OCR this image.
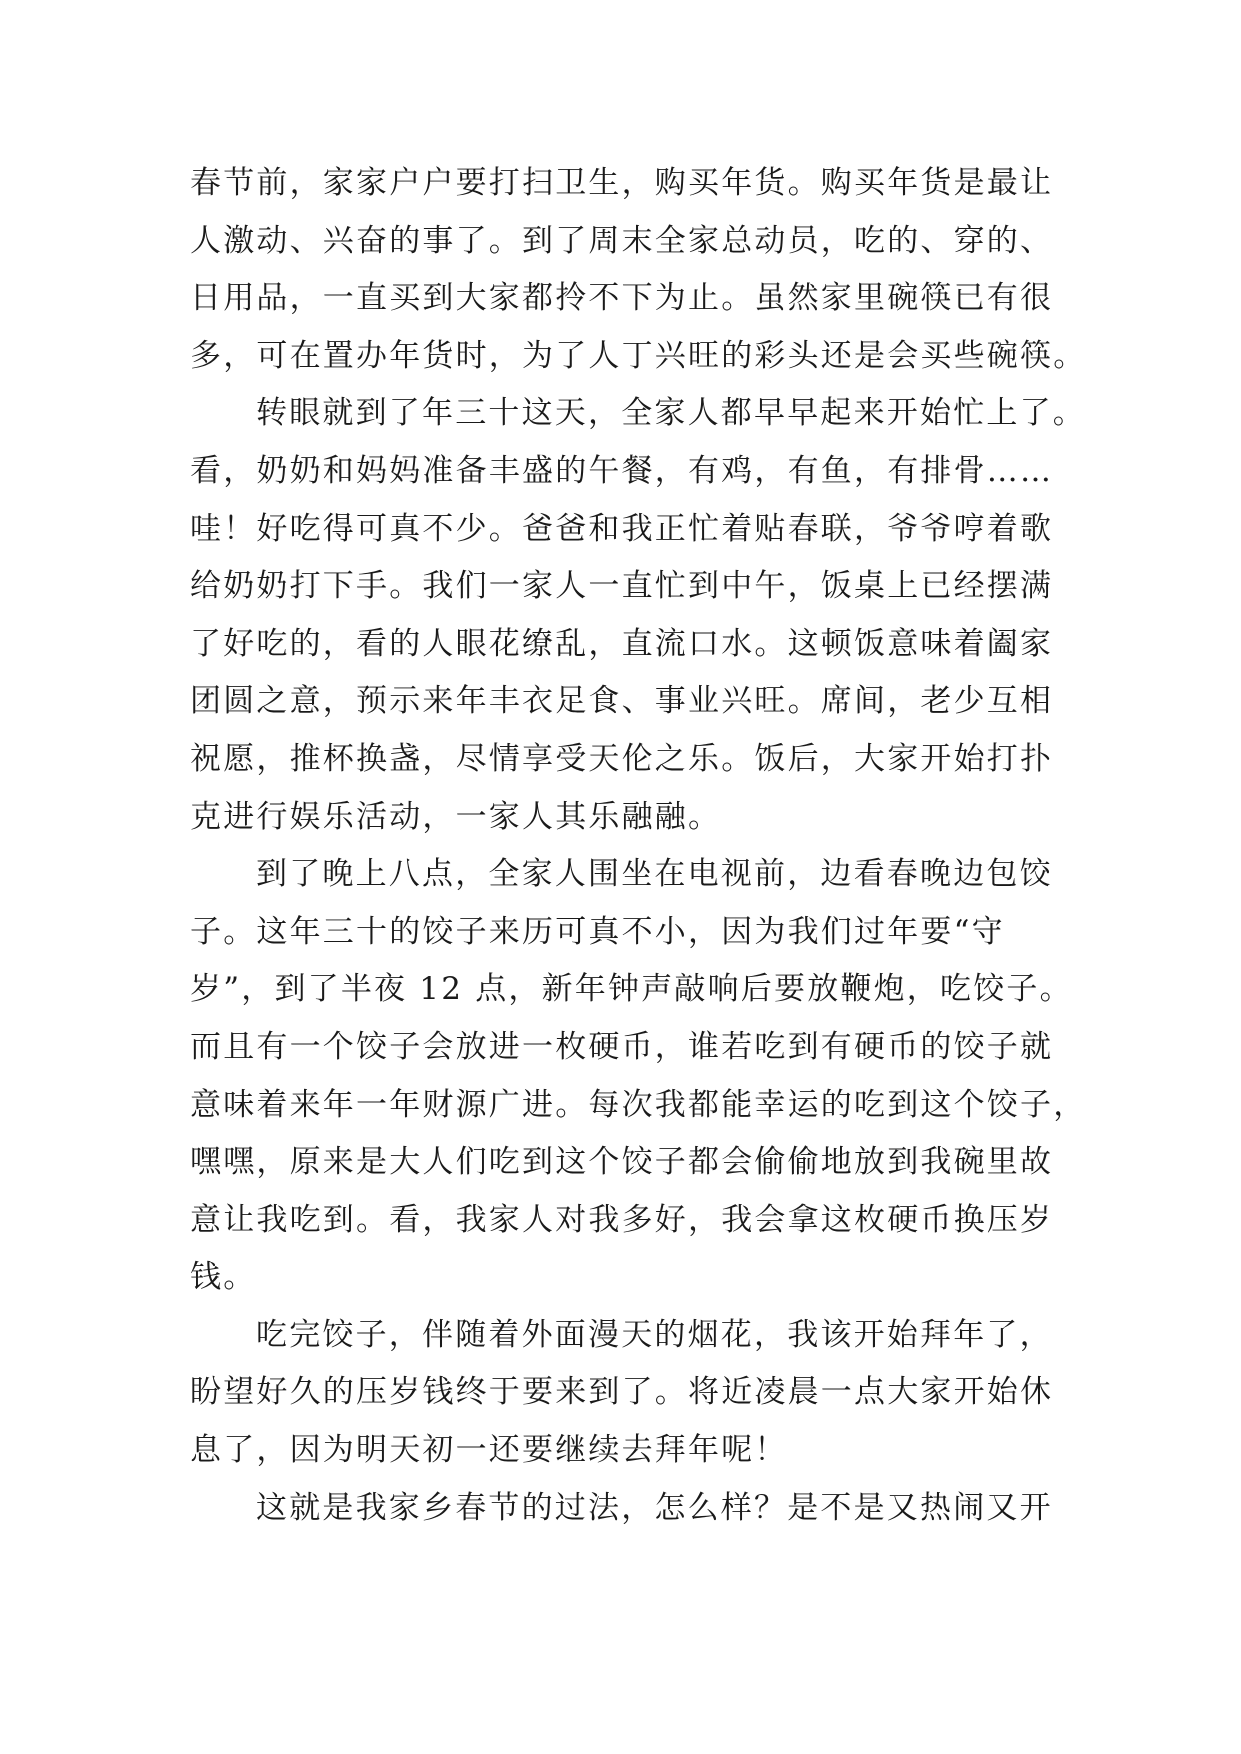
春节前，家家户户要打扫卫生，购买年货。购买年货是最让
人激动、兴奋的事了。到了周末全家总动员，吃的、穿的、
日用品，一直买到大家都拎不下为止。虽然家里碗筷已有很
多，可在置办年货时，为了人丁兴旺的彩头还是会买些碗筷。
转眼就到了年三十这天，全家人都早早起来开始忙上了。
看，奶奶和妈妈准备丰盛的午餐，有鸡，有鱼，有排骨……
哇！好吃得可真不少。爸爸和我正忙着贴春联，爷爷哼着歌
给奶奶打下手。我们一家人一直忙到中午，饭桌上已经摆满
了好吃的，看的人眼花缭乱，直流口水。这顿饭意味着阖家
团圆之意，预示来年丰衣足食、事业兴旺。席间，老少互相
祝愿，推杯换盏，尽情享受天伦之乐。饭后，大家开始打扑
克进行娱乐活动，一家人其乐融融。
到了晚上八点，全家人围坐在电视前，边看春晚边包饺
子。这年三十的饺子来历可真不小，因为我们过年要“守
岁”，到了半夜 12 点，新年钟声敲响后要放鞭炮，吃饺子。
而且有一个饺子会放进一枚硬币，谁若吃到有硬币的饺子就
意味着来年一年财源广进。每次我都能幸运的吃到这个饺子，
嘿嘿，原来是大人们吃到这个饺子都会偷偷地放到我碗里故
意让我吃到。看，我家人对我多好，我会拿这枚硬币换压岁
钱。
吃完饺子，伴随着外面漫天的烟花，我该开始拜年了，
盼望好久的压岁钱终于要来到了。将近凌晨一点大家开始休
息了，因为明天初一还要继续去拜年呢！
这就是我家乡春节的过法，怎么样？是不是又热闹又开
